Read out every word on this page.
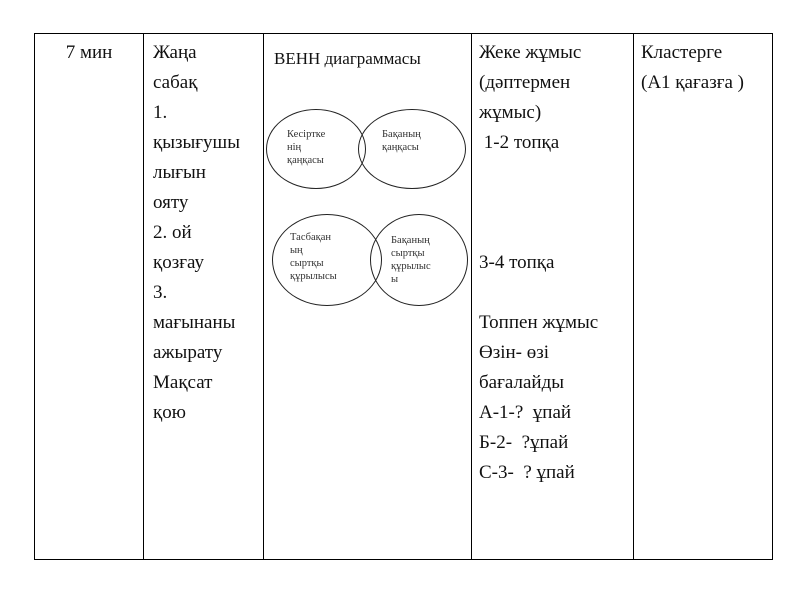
7 мин	Жаңа
сабақ
1.
қызығушы
лығын
ояту
2. ой
қозғау
3.
мағынаны
ажырату
Мақсат
қою
ВЕНН диаграммасы
Кесіртке
нің
қаңқасы
Бақаның
қаңқасы
Тасбақан
ың
сыртқы
құрылысы
Бақаның
сыртқы
құрылыс
ы
Жеке жұмыс
(дәптермен
жұмыс)
1-2 топқа
3-4 топқа
Топпен жұмыс
Өзін- өзі
бағалайды
А-1-?  ұпай
Б-2-  ?ұпай
С-3-  ? ұпай
Кластерге
(А1 қағазға )
